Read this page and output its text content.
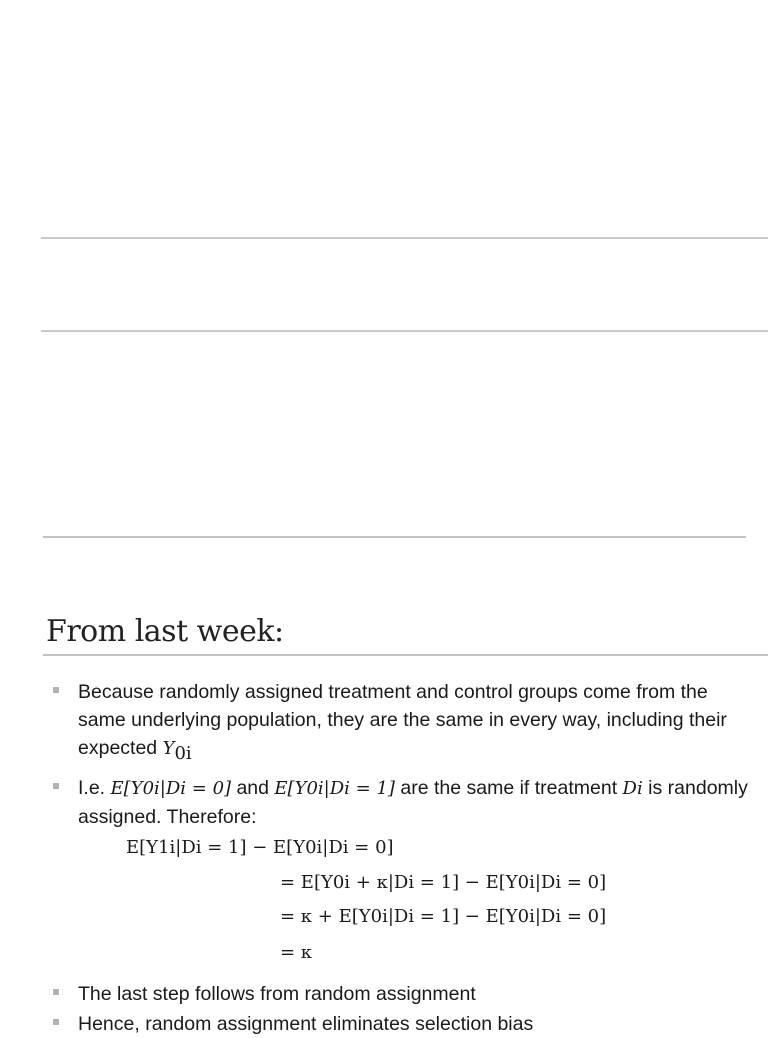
From last week:
Because randomly assigned treatment and control groups come from the same underlying population, they are the same in every way, including their expected $Y_{0i}$
I.e. E[Y0i|Di = 0] and E[Y0i|Di = 1] are the same if treatment Di is randomly assigned. Therefore:
E[Y1i|Di = 1] − E[Y0i|Di = 0]
= E[Y0i + κ|Di = 1] − E[Y0i|Di = 0]
= κ + E[Y0i|Di = 1] − E[Y0i|Di = 0]
= κ
The last step follows from random assignment
Hence, random assignment eliminates selection bias
